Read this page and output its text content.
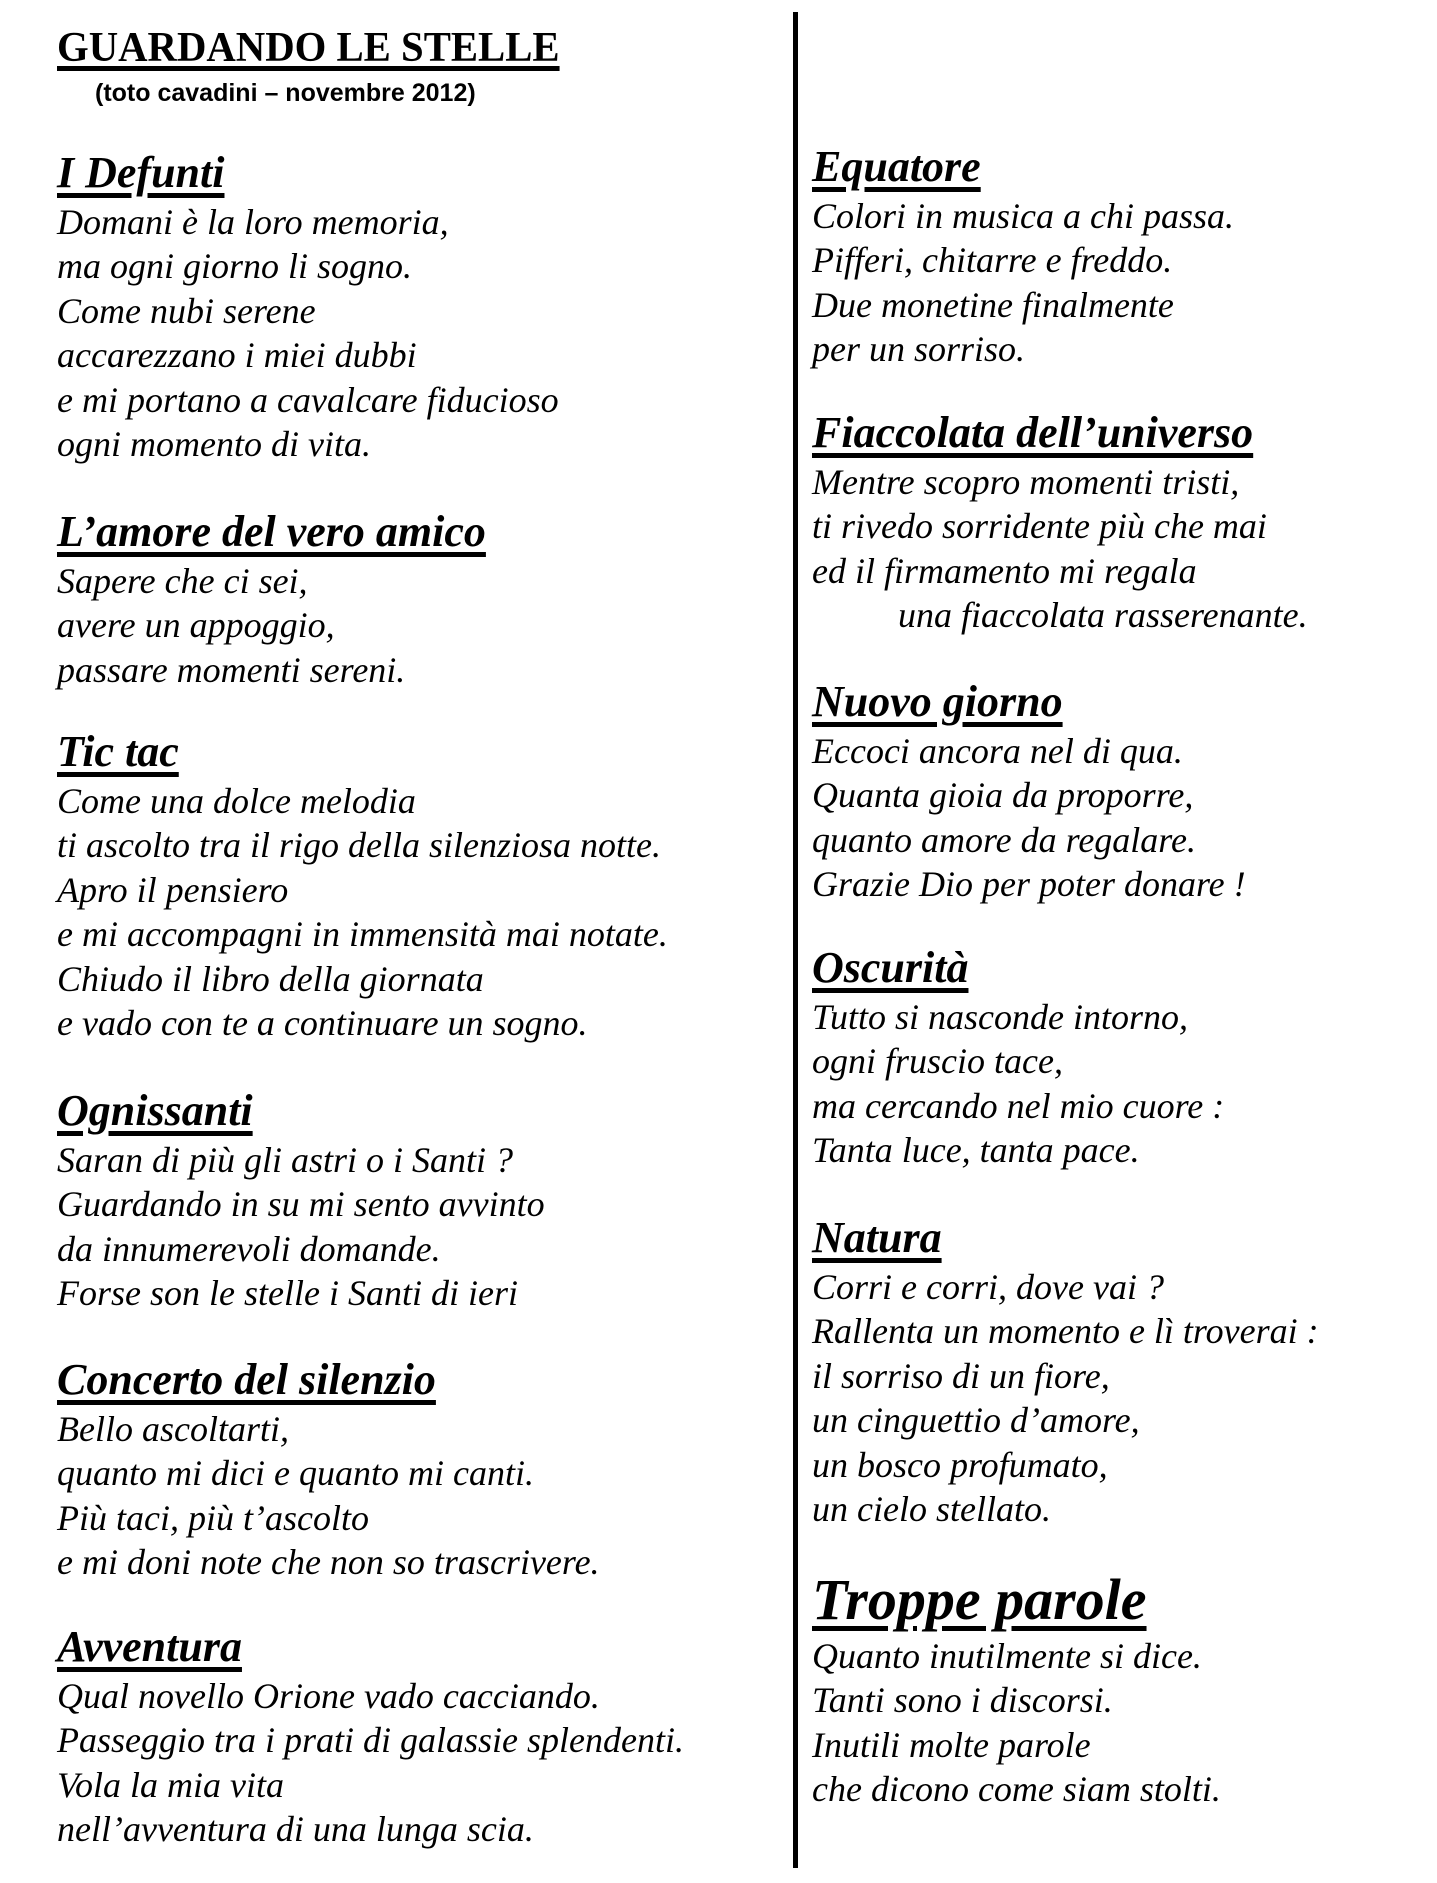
GUARDANDO LE STELLE
(toto cavadini – novembre 2012)
I Defunti
Domani è la loro memoria,
ma ogni giorno li sogno.
Come nubi serene
accarezzano i miei dubbi
e mi portano a cavalcare fiducioso
ogni momento di vita.
L’amore del vero amico
Sapere che ci sei,
avere un appoggio,
passare momenti sereni.
Tic tac
Come una dolce melodia
ti ascolto tra il rigo della silenziosa notte.
Apro il pensiero
e mi accompagni in immensità mai notate.
Chiudo il libro della giornata
e vado con te a continuare un sogno.
Ognissanti
Saran di più gli astri o i Santi ?
Guardando in su mi sento avvinto
da innumerevoli domande.
Forse son le stelle i Santi di ieri
Concerto del silenzio
Bello ascoltarti,
quanto mi dici e quanto mi canti.
Più taci, più t’ascolto
e mi doni note che non so trascrivere.
Avventura
Qual novello Orione vado cacciando.
Passeggio tra i prati di galassie splendenti.
Vola la mia vita
nell’avventura di una lunga scia.
Equatore
Colori in musica a chi passa.
Pifferi, chitarre e freddo.
Due monetine finalmente
per un sorriso.
Fiaccolata dell’universo
Mentre scopro momenti tristi,
ti rivedo sorridente più che mai
ed il firmamento mi regala
una fiaccolata rasserenante.
Nuovo giorno
Eccoci ancora nel di qua.
Quanta gioia da proporre,
quanto amore da regalare.
Grazie Dio per poter donare !
Oscurità
Tutto si nasconde intorno,
ogni fruscio tace,
ma cercando nel mio cuore :
Tanta luce, tanta pace.
Natura
Corri e corri, dove vai ?
Rallenta un momento e lì troverai :
il sorriso di un fiore,
un cinguettio d’amore,
un bosco profumato,
un cielo stellato.
Troppe parole
Quanto inutilmente si dice.
Tanti sono i discorsi.
Inutili molte parole
che dicono come siam stolti.
